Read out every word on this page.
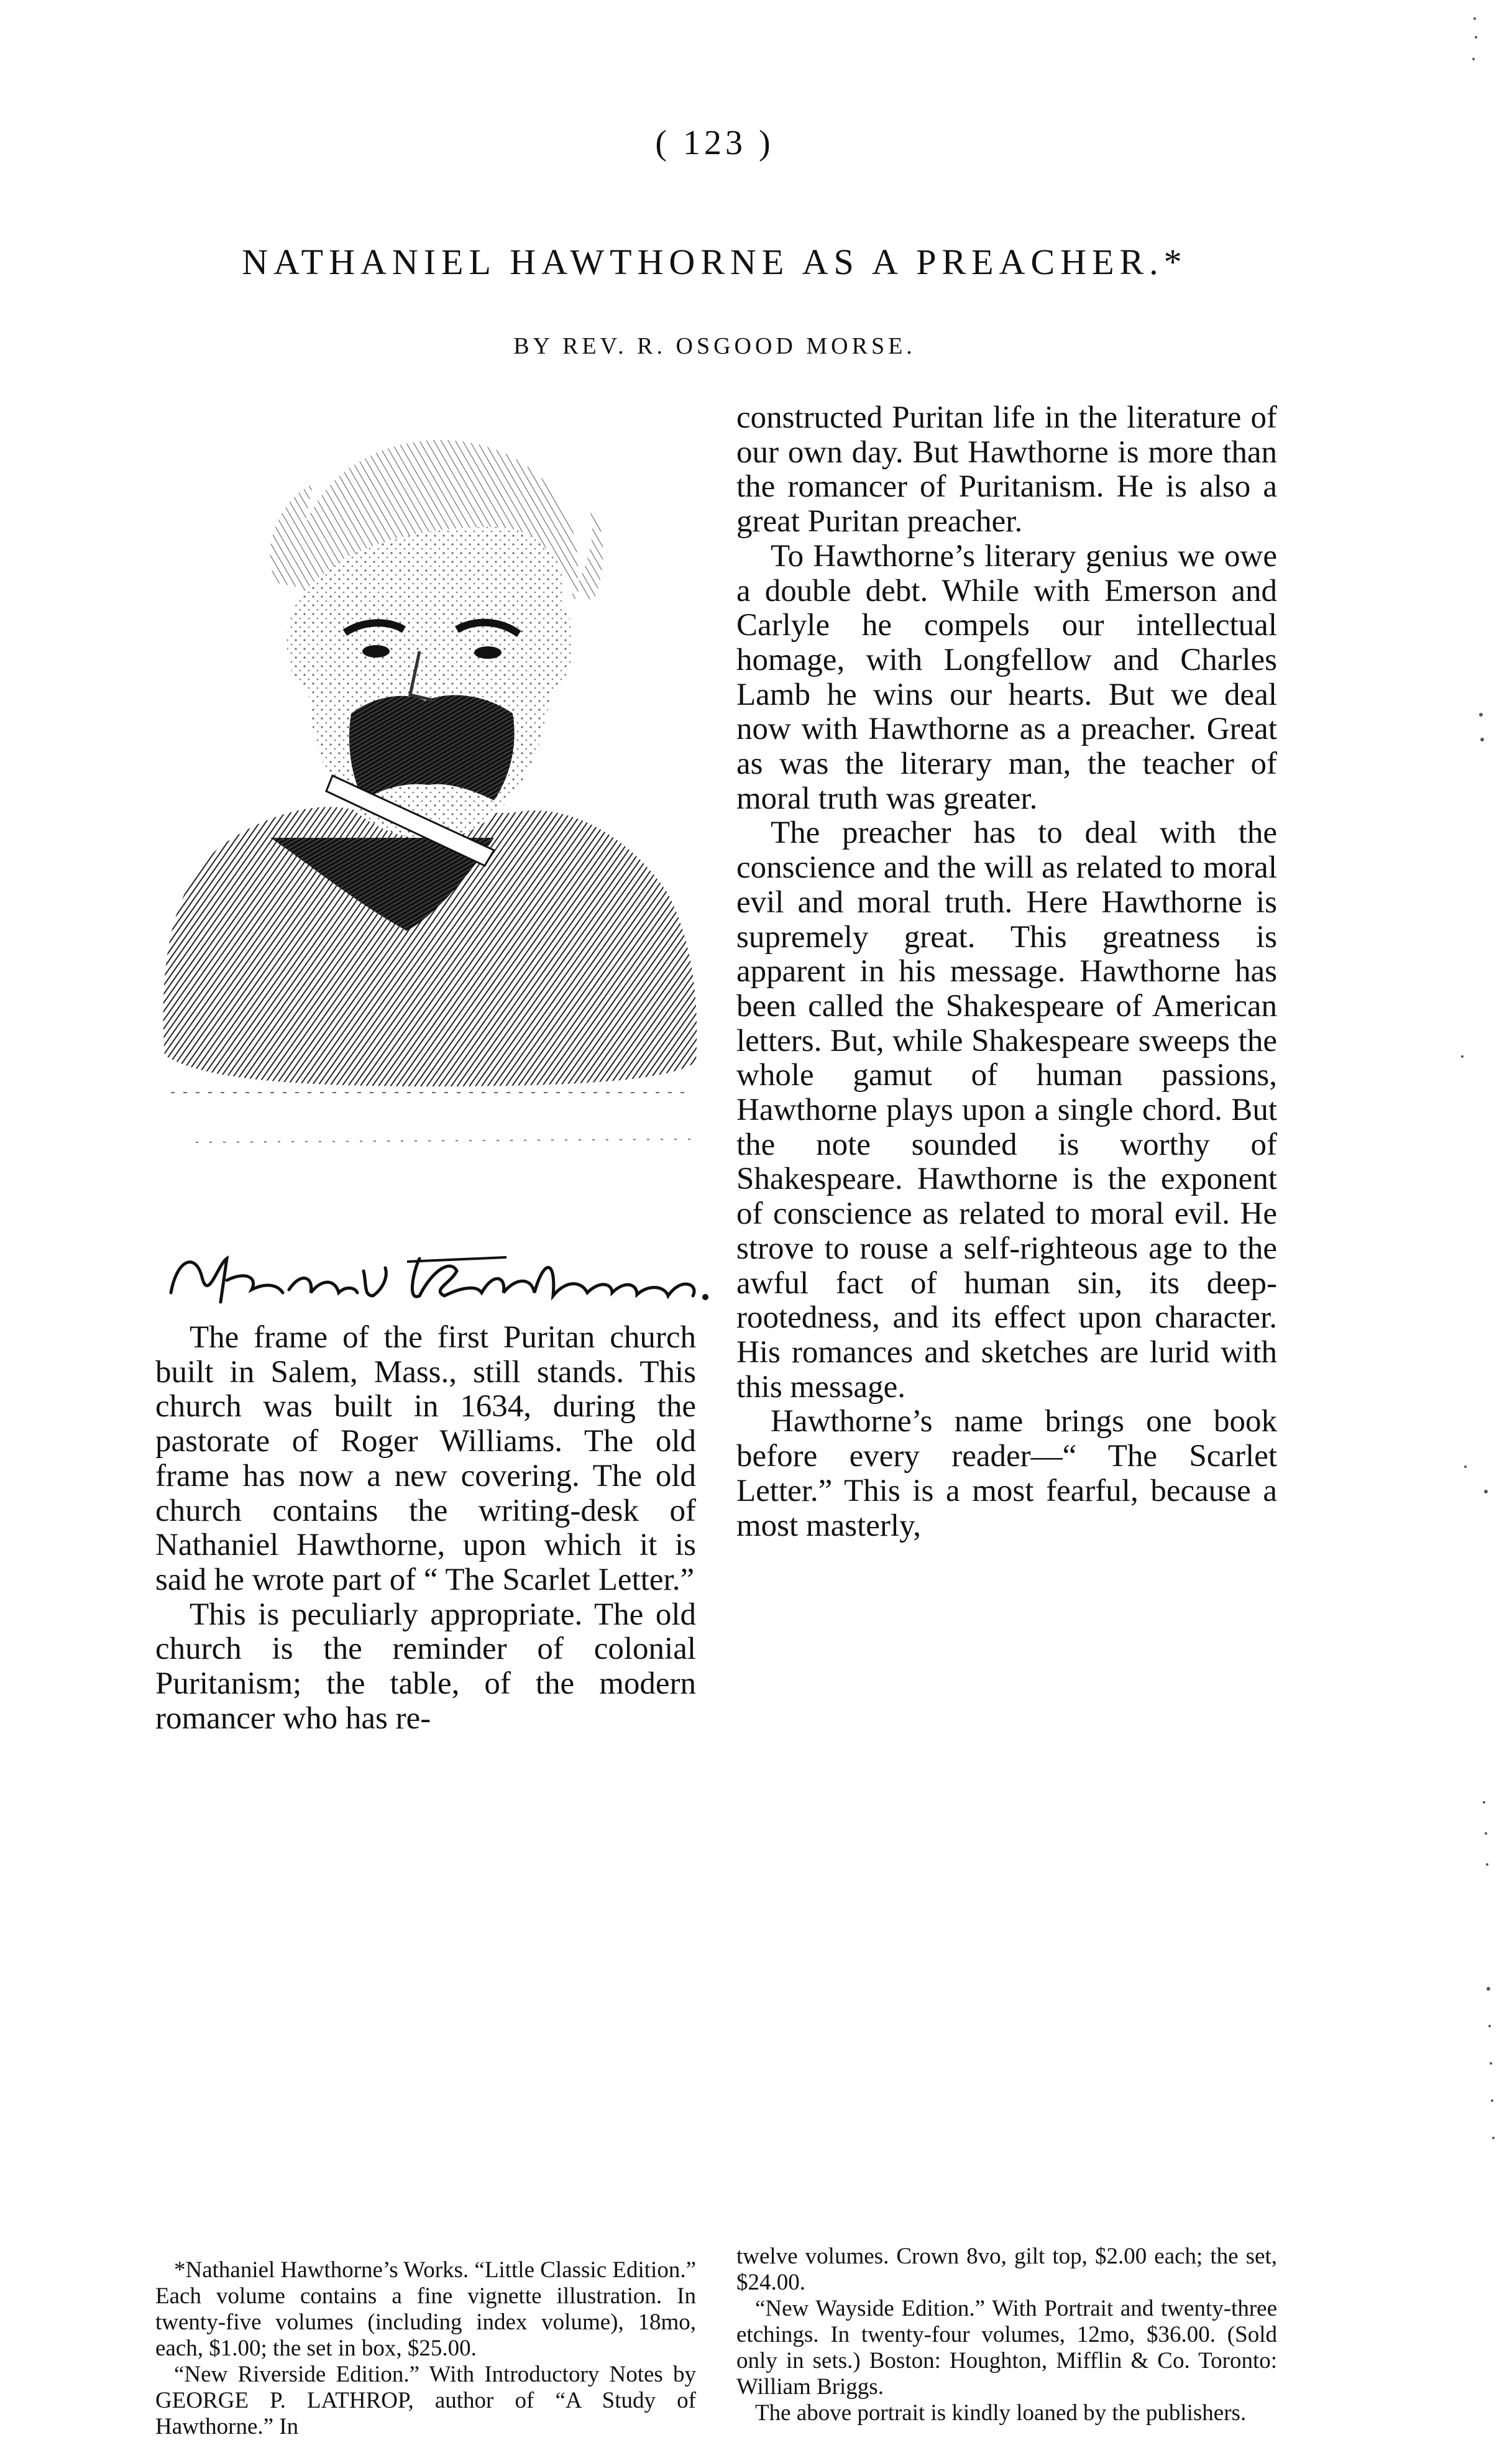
( 123 )
NATHANIEL HAWTHORNE AS A PREACHER.*
BY REV. R. OSGOOD MORSE.

The frame of the first Puritan church built in Salem, Mass., still stands. This church was built in 1634, during the pastorate of Roger Williams. The old frame has now a new covering. The old church contains the writing-desk of Nathaniel Hawthorne, upon which it is said he wrote part of “ The Scarlet Letter.”

This is peculiarly appropriate. The old church is the reminder of colonial Puritanism; the table, of the modern romancer who has re-

constructed Puritan life in the literature of our own day. But Hawthorne is more than the romancer of Puritanism. He is also a great Puritan preacher.

To Hawthorne’s literary genius we owe a double debt. While with Emerson and Carlyle he compels our intellectual homage, with Longfellow and Charles Lamb he wins our hearts. But we deal now with Hawthorne as a preacher. Great as was the literary man, the teacher of moral truth was greater.

The preacher has to deal with the conscience and the will as related to moral evil and moral truth. Here Hawthorne is supremely great. This greatness is apparent in his message. Hawthorne has been called the Shakespeare of American letters. But, while Shakespeare sweeps the whole gamut of human passions, Hawthorne plays upon a single chord. But the note sounded is worthy of Shakespeare. Hawthorne is the exponent of conscience as related to moral evil. He strove to rouse a self-righteous age to the awful fact of human sin, its deep-rootedness, and its effect upon character. His romances and sketches are lurid with this message.

Hawthorne’s name brings one book before every reader—“ The Scarlet Letter.” This is a most fearful, because a most masterly,

*Nathaniel Hawthorne’s Works. “Little Classic Edition.” Each volume contains a fine vignette illustration. In twenty-five volumes (including index volume), 18mo, each, $1.00; the set in box, $25.00.

“New Riverside Edition.” With Introductory Notes by GEORGE P. LATHROP, author of “A Study of Hawthorne.” In

twelve volumes. Crown 8vo, gilt top, $2.00 each; the set, $24.00.

“New Wayside Edition.” With Portrait and twenty-three etchings. In twenty-four volumes, 12mo, $36.00. (Sold only in sets.) Boston: Houghton, Mifflin & Co. Toronto: William Briggs.

The above portrait is kindly loaned by the publishers.
